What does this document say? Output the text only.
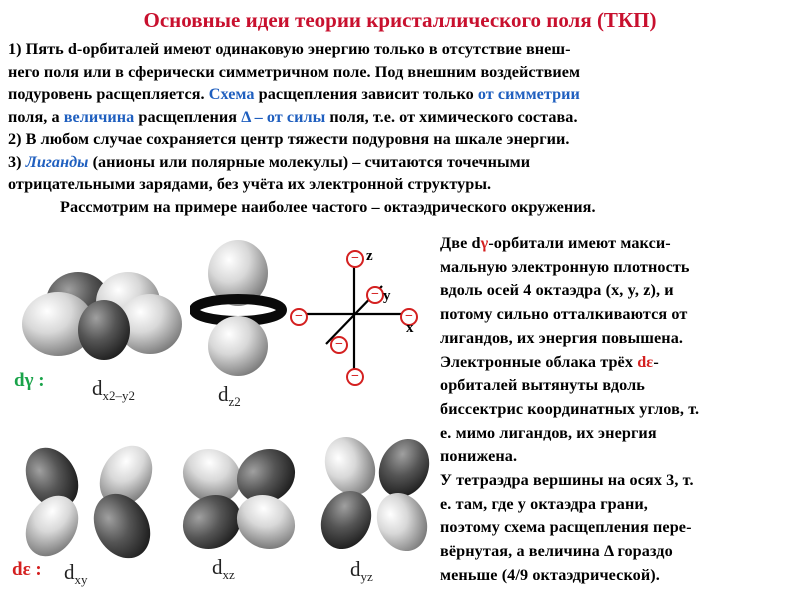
Основные идеи теории кристаллического поля (ТКП)
1) Пять d-орбиталей имеют одинаковую энергию только в отсутствие внеш-
него поля или в сферически симметричном поле. Под внешним воздействием
подуровень расщепляется. Схема расщепления зависит только от симметрии
поля, а величина расщепления Δ – от силы поля, т.е. от химического состава.
2) В любом случае сохраняется центр тяжести подуровня на шкале энергии.
3) Лиганды (анионы или полярные молекулы) – считаются точечными
отрицательными зарядами, без учёта их электронной структуры.
Рассмотрим на примере наиболее частого – октаэдрического окружения.
$d_{x2-y2}$	$d_{z2}$
dγ :
−
−
−	−
−
−
z
y
x
$d_{xy}$
$d_{xz}$	$d_{yz}$
dε :
Две dγ-орбитали имеют макси-
мальную электронную плотность
вдоль осей 4 октаэдра (x, y, z), и
потому сильно отталкиваются от
лигандов, их энергия повышена.
Электронные облака трёх dε-
орбиталей вытянуты вдоль
биссектрис координатных углов, т.
е. мимо лигандов, их энергия
понижена.
У тетраэдра вершины на осях 3, т.
е. там, где у октаэдра грани,
поэтому схема расщепления пере-
вёрнутая, а величина Δ гораздо
меньше (4/9 октаэдрической).
